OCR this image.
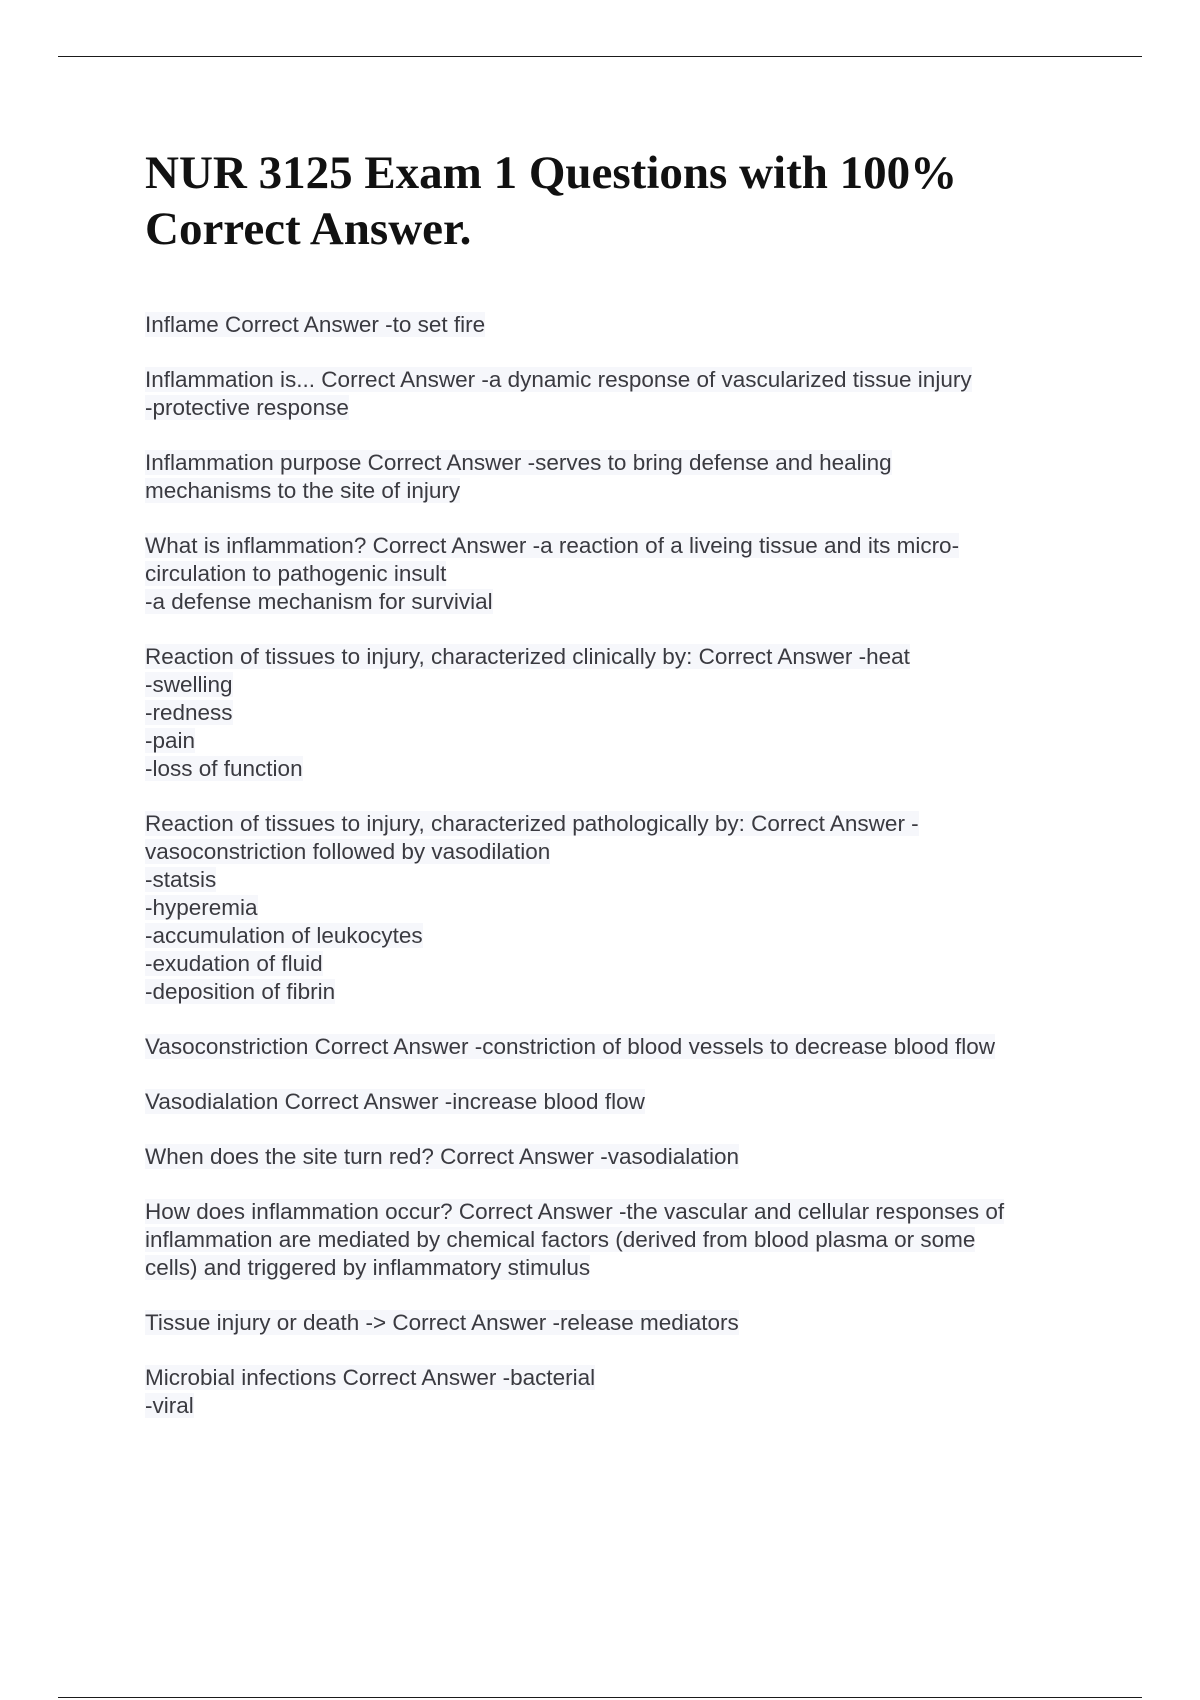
NUR 3125 Exam 1 Questions with 100%
Correct Answer.
Inflame Correct Answer -to set fire
Inflammation is... Correct Answer -a dynamic response of vascularized tissue injury
-protective response
Inflammation purpose Correct Answer -serves to bring defense and healing
mechanisms to the site of injury
What is inflammation? Correct Answer -a reaction of a liveing tissue and its micro-
circulation to pathogenic insult
-a defense mechanism for survivial
Reaction of tissues to injury, characterized clinically by: Correct Answer -heat
-swelling
-redness
-pain
-loss of function
Reaction of tissues to injury, characterized pathologically by: Correct Answer -
vasoconstriction followed by vasodilation
-statsis
-hyperemia
-accumulation of leukocytes
-exudation of fluid
-deposition of fibrin
Vasoconstriction Correct Answer -constriction of blood vessels to decrease blood flow
Vasodialation Correct Answer -increase blood flow
When does the site turn red? Correct Answer -vasodialation
How does inflammation occur? Correct Answer -the vascular and cellular responses of
inflammation are mediated by chemical factors (derived from blood plasma or some
cells) and triggered by inflammatory stimulus
Tissue injury or death -> Correct Answer -release mediators
Microbial infections Correct Answer -bacterial
-viral
